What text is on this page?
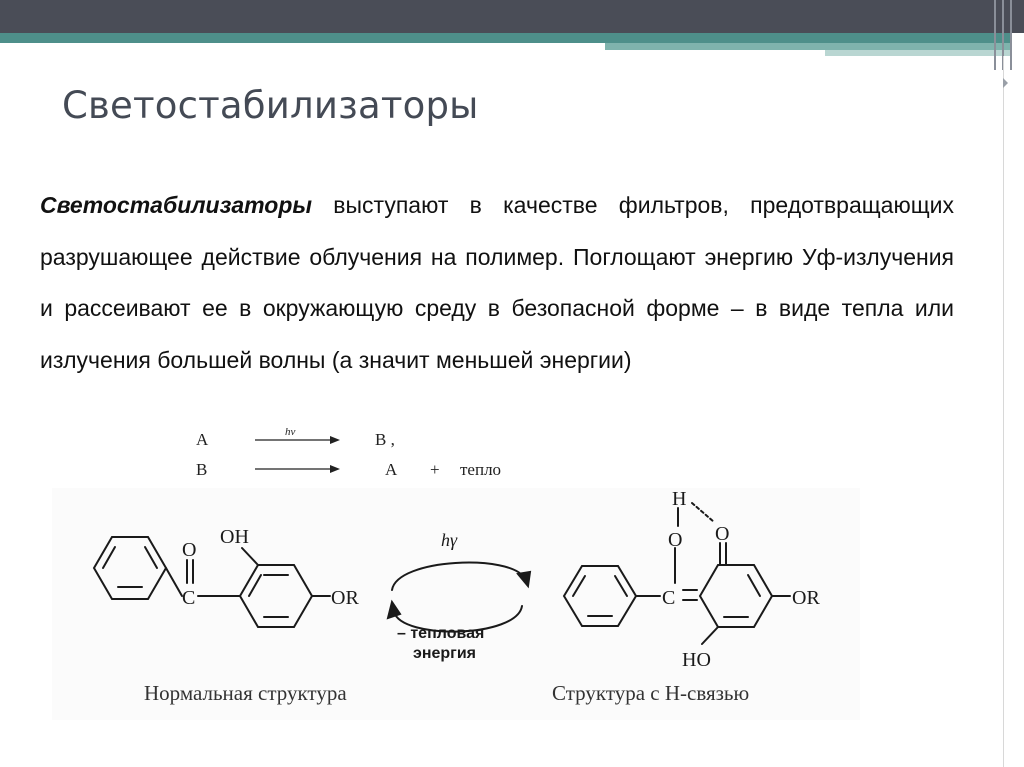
Светостабилизаторы

Светостабилизаторы выступают в качестве фильтров, предотвращающих разрушающее действие облучения на полимер. Поглощают энергию Уф-излучения и рассеивают ее в окружающую среду в безопасной форме – в виде тепла или излучения большей волны (а значит меньшей энергии)

A	hν	B ,
B	A + тепло
O
C
OH
OR
hγ
– тепловая
энергия
H
O O
C
HO
OR
Нормальная структура	Структура с Н-связью
